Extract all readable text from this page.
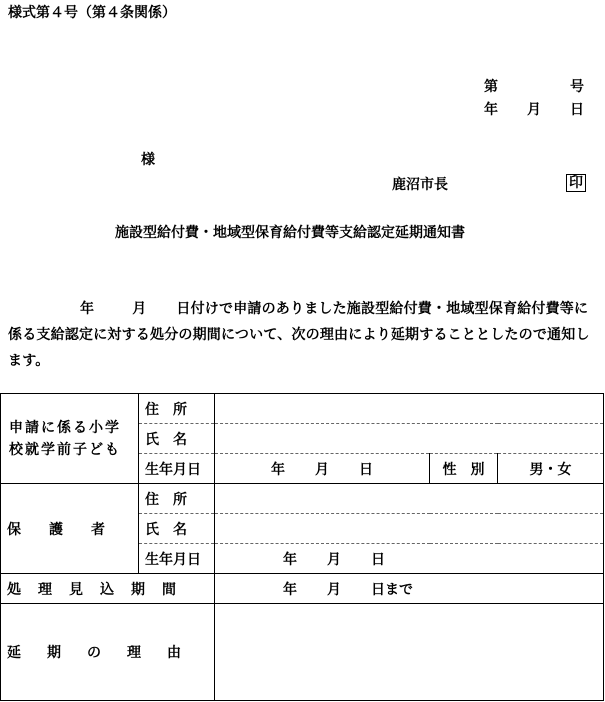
様式第４号（第４条関係）
第	号
年 月 日
様
鹿沼市長	印
施設型給付費・地域型保育給付費等支給認定延期通知書
年	月 日付けで申請のありました施設型給付費・地域型保育給付費等に係る支給認定に対する処分の期間について、次の理由により延期することとしたので通知します。
申請に係る小学校就学前子ども	住　所			
	氏　名			
	生年月日	年 月 日	性　別	男・女
保　　護　　者	住　所			
	氏　名			
	生年月日	年 月 日		

処理見込期間		年 月 日まで		

延期の理由				
